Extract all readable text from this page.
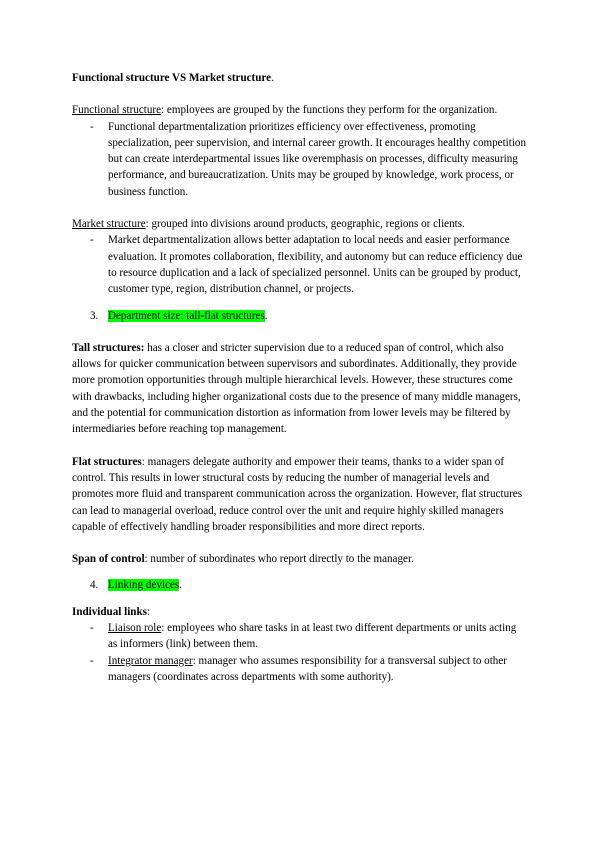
Functional structure VS Market structure.

Functional structure: employees are grouped by the functions they perform for the organization.

- Functional departmentalization prioritizes efficiency over effectiveness, promoting specialization, peer supervision, and internal career growth. It encourages healthy competition but can create interdepartmental issues like overemphasis on processes, difficulty measuring performance, and bureaucratization. Units may be grouped by knowledge, work process, or business function.

Market structure: grouped into divisions around products, geographic, regions or clients.

- Market departmentalization allows better adaptation to local needs and easier performance evaluation. It promotes collaboration, flexibility, and autonomy but can reduce efficiency due to resource duplication and a lack of specialized personnel. Units can be grouped by product, customer type, region, distribution channel, or projects.

3. Department size: tall-flat structures.

Tall structures: has a closer and stricter supervision due to a reduced span of control, which also allows for quicker communication between supervisors and subordinates. Additionally, they provide more promotion opportunities through multiple hierarchical levels. However, these structures come with drawbacks, including higher organizational costs due to the presence of many middle managers, and the potential for communication distortion as information from lower levels may be filtered by intermediaries before reaching top management.

Flat structures: managers delegate authority and empower their teams, thanks to a wider span of control. This results in lower structural costs by reducing the number of managerial levels and promotes more fluid and transparent communication across the organization. However, flat structures can lead to managerial overload, reduce control over the unit and require highly skilled managers capable of effectively handling broader responsibilities and more direct reports.

Span of control: number of subordinates who report directly to the manager.

4. Linking devices.

Individual links:

- Liaison role: employees who share tasks in at least two different departments or units acting as informers (link) between them.
- Integrator manager: manager who assumes responsibility for a transversal subject to other managers (coordinates across departments with some authority).
